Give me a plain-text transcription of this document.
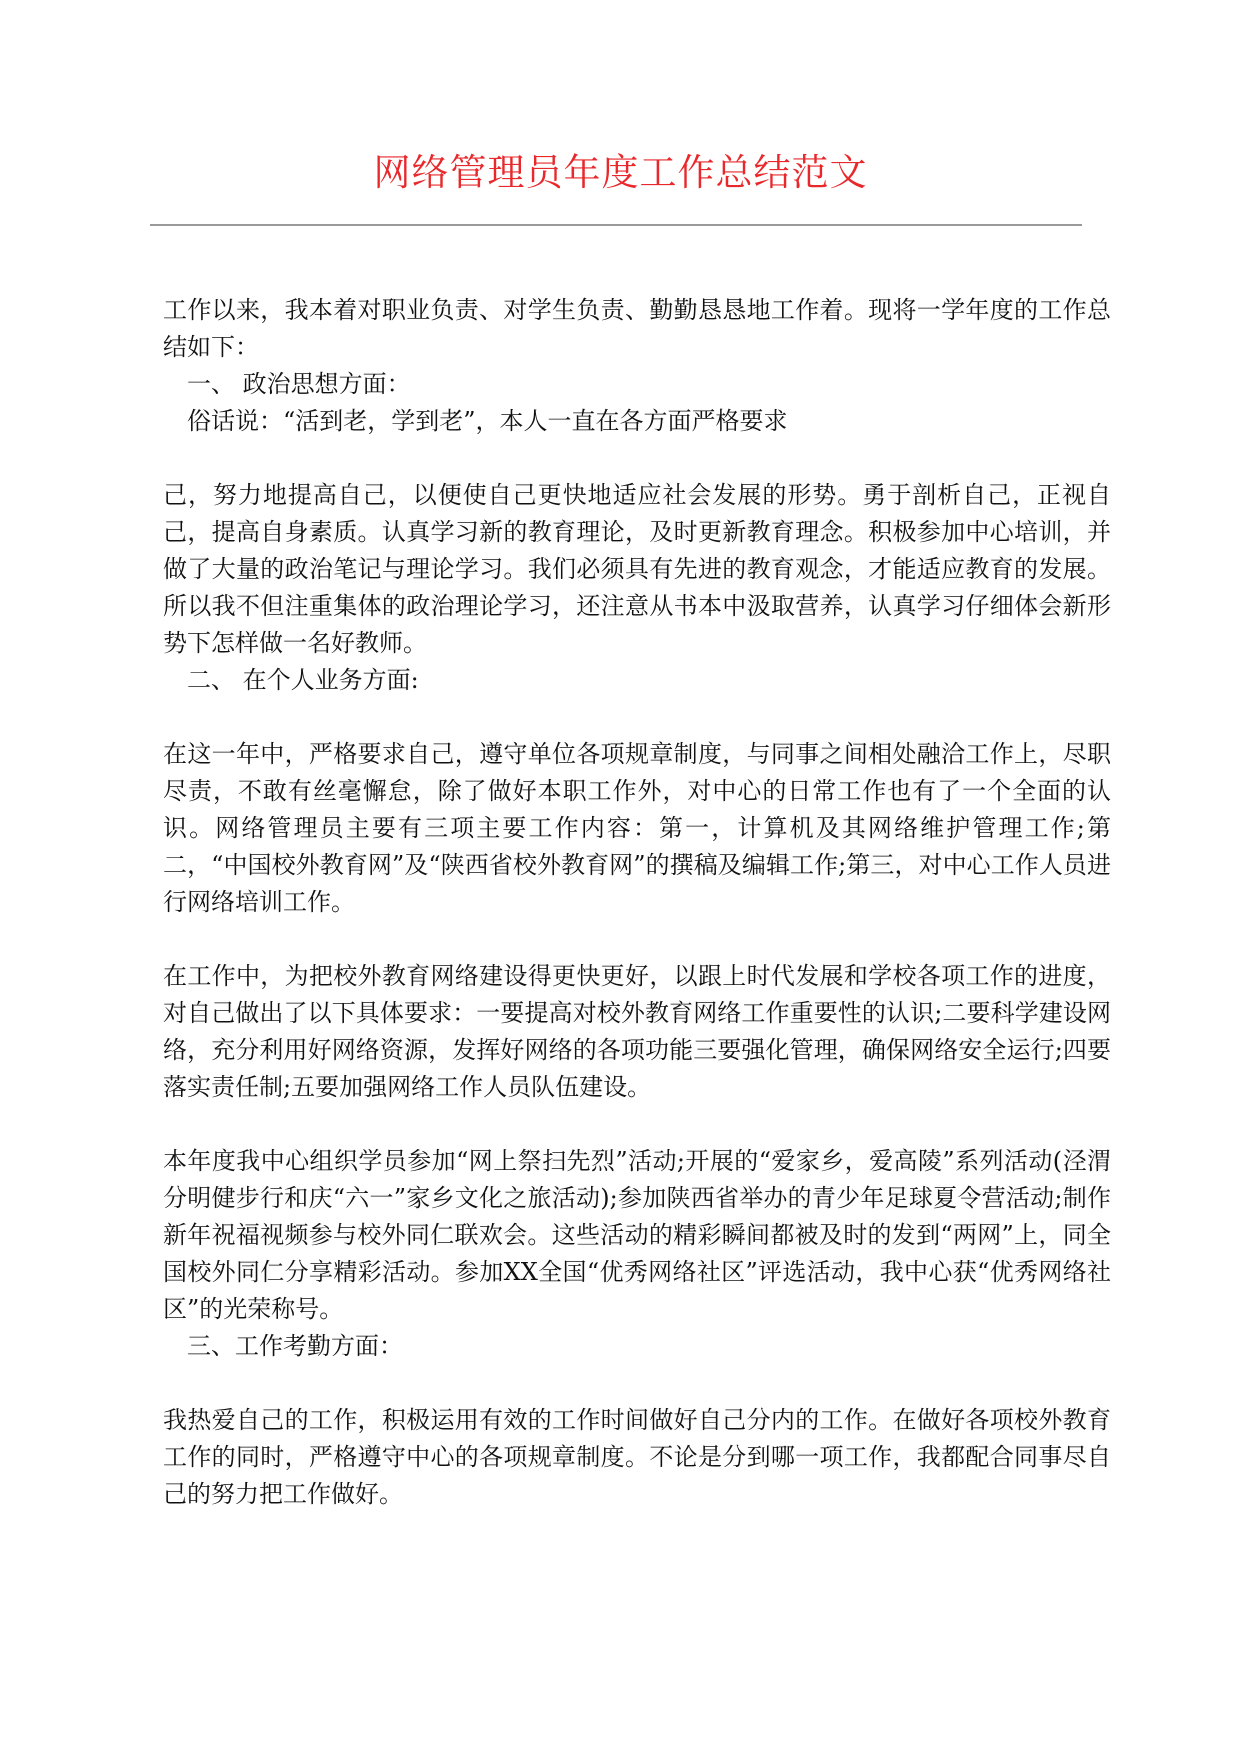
网络管理员年度工作总结范文

工作以来，我本着对职业负责、对学生负责、勤勤恳恳地工作着。现将一学年度的工作总结如下：

一、 政治思想方面：

俗话说：“活到老，学到老”，本人一直在各方面严格要求

己，努力地提高自己，以便使自己更快地适应社会发展的形势。勇于剖析自己，正视自己，提高自身素质。认真学习新的教育理论，及时更新教育理念。积极参加中心培训，并做了大量的政治笔记与理论学习。我们必须具有先进的教育观念，才能适应教育的发展。所以我不但注重集体的政治理论学习，还注意从书本中汲取营养，认真学习仔细体会新形势下怎样做一名好教师。

二、 在个人业务方面:

在这一年中，严格要求自己，遵守单位各项规章制度，与同事之间相处融洽工作上，尽职尽责，不敢有丝毫懈怠，除了做好本职工作外，对中心的日常工作也有了一个全面的认识。网络管理员主要有三项主要工作内容：第一，计算机及其网络维护管理工作;第二，“中国校外教育网”及“陕西省校外教育网”的撰稿及编辑工作;第三，对中心工作人员进行网络培训工作。

在工作中，为把校外教育网络建设得更快更好，以跟上时代发展和学校各项工作的进度，对自己做出了以下具体要求：一要提高对校外教育网络工作重要性的认识;二要科学建设网络，充分利用好网络资源，发挥好网络的各项功能三要强化管理，确保网络安全运行;四要落实责任制;五要加强网络工作人员队伍建设。

本年度我中心组织学员参加“网上祭扫先烈”活动;开展的“爱家乡，爱高陵”系列活动(泾渭分明健步行和庆“六一”家乡文化之旅活动);参加陕西省举办的青少年足球夏令营活动;制作新年祝福视频参与校外同仁联欢会。这些活动的精彩瞬间都被及时的发到“两网”上，同全国校外同仁分享精彩活动。参加XX全国“优秀网络社区”评选活动，我中心获“优秀网络社区”的光荣称号。

三、工作考勤方面：

我热爱自己的工作，积极运用有效的工作时间做好自己分内的工作。在做好各项校外教育工作的同时，严格遵守中心的各项规章制度。不论是分到哪一项工作，我都配合同事尽自己的努力把工作做好。
